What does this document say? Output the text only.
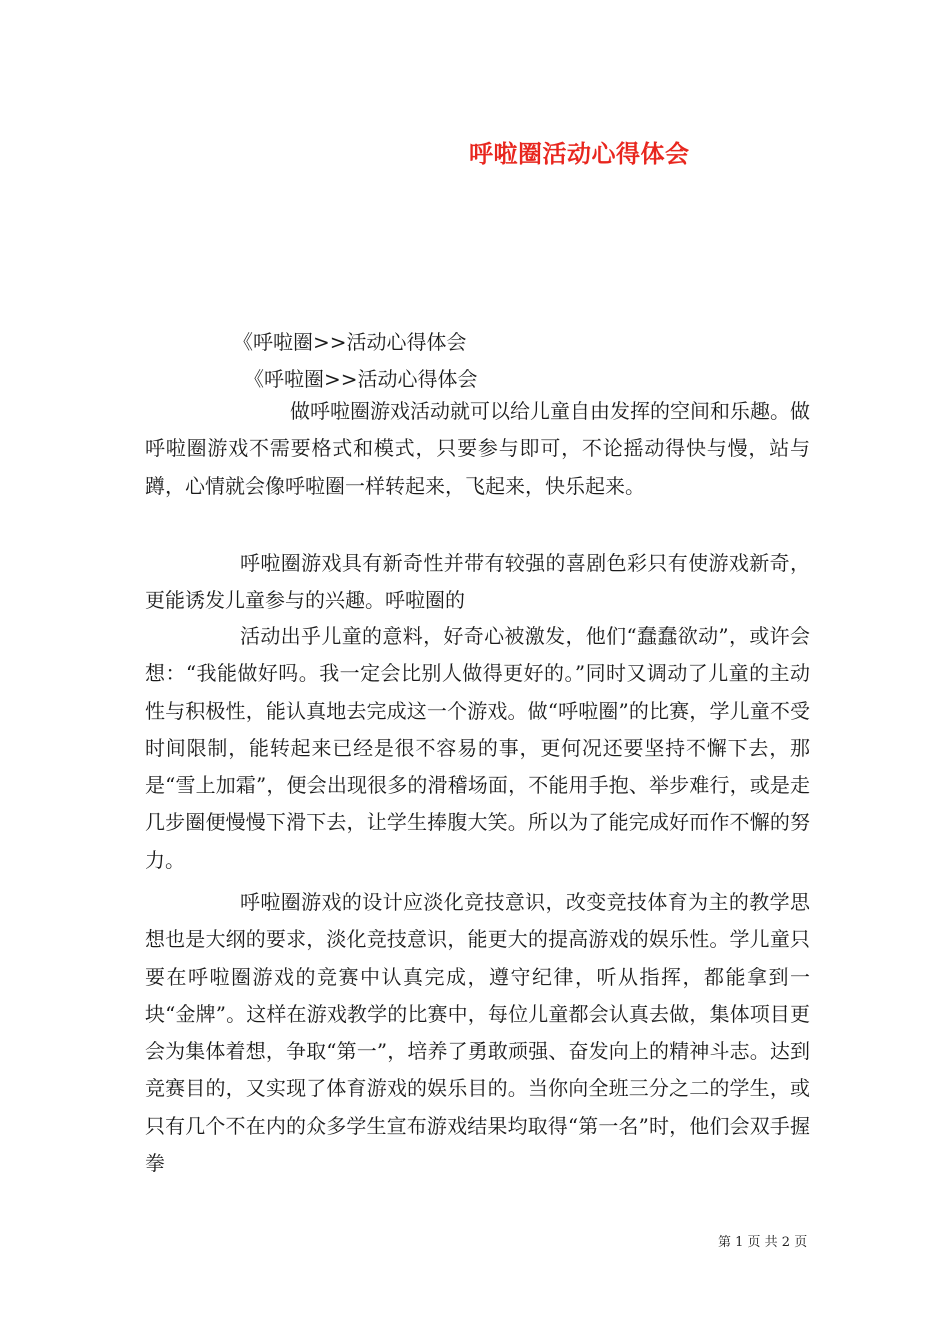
呼啦圈活动心得体会
《呼啦圈>>活动心得体会
《呼啦圈>>活动心得体会

做呼啦圈游戏活动就可以给儿童自由发挥的空间和乐趣。做呼啦圈游戏不需要格式和模式，只要参与即可，不论摇动得快与慢，站与蹲，心情就会像呼啦圈一样转起来，飞起来，快乐起来。

呼啦圈游戏具有新奇性并带有较强的喜剧色彩只有使游戏新奇，更能诱发儿童参与的兴趣。呼啦圈的

活动出乎儿童的意料，好奇心被激发，他们“蠢蠢欲动”，或许会想：“我能做好吗。我一定会比别人做得更好的。”同时又调动了儿童的主动性与积极性，能认真地去完成这一个游戏。做“呼啦圈”的比赛，学儿童不受时间限制，能转起来已经是很不容易的事，更何况还要坚持不懈下去，那是“雪上加霜”，便会出现很多的滑稽场面，不能用手抱、举步难行，或是走几步圈便慢慢下滑下去，让学生捧腹大笑。所以为了能完成好而作不懈的努力。

呼啦圈游戏的设计应淡化竞技意识，改变竞技体育为主的教学思想也是大纲的要求，淡化竞技意识，能更大的提高游戏的娱乐性。学儿童只要在呼啦圈游戏的竞赛中认真完成，遵守纪律，听从指挥，都能拿到一块“金牌”。这样在游戏教学的比赛中，每位儿童都会认真去做，集体项目更会为集体着想，争取“第一”，培养了勇敢顽强、奋发向上的精神斗志。达到竞赛目的，又实现了体育游戏的娱乐目的。当你向全班三分之二的学生，或只有几个不在内的众多学生宣布游戏结果均取得“第一名”时，他们会双手握拳

第 1 页 共 2 页
